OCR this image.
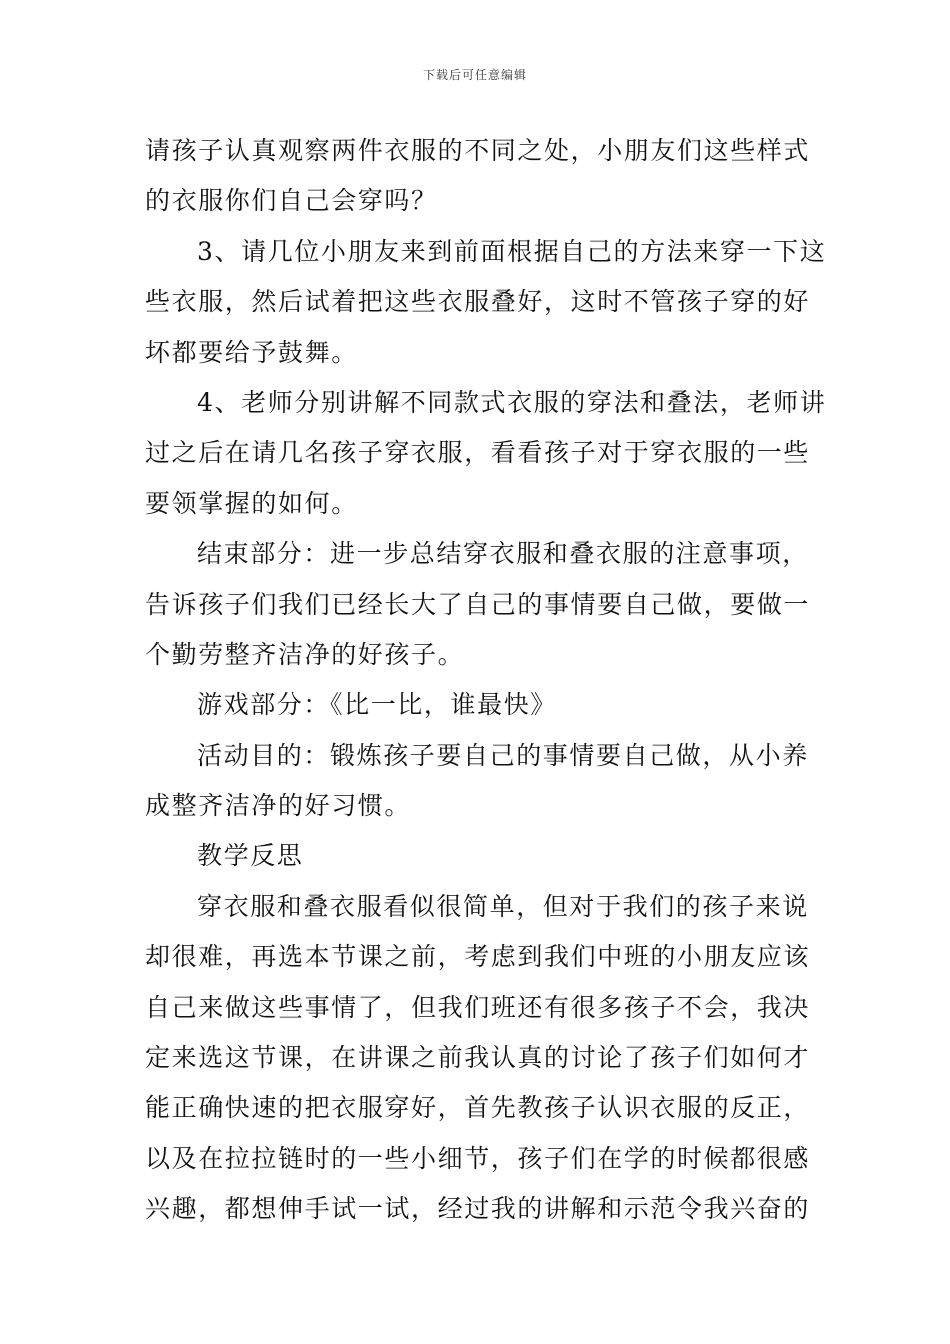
下载后可任意编辑
请孩子认真观察两件衣服的不同之处，小朋友们这些样式
的衣服你们自己会穿吗？
3、请几位小朋友来到前面根据自己的方法来穿一下这
些衣服，然后试着把这些衣服叠好，这时不管孩子穿的好
坏都要给予鼓舞。
4、老师分别讲解不同款式衣服的穿法和叠法，老师讲
过之后在请几名孩子穿衣服，看看孩子对于穿衣服的一些
要领掌握的如何。
结束部分：进一步总结穿衣服和叠衣服的注意事项，
告诉孩子们我们已经长大了自己的事情要自己做，要做一
个勤劳整齐洁净的好孩子。
游戏部分：《比一比，谁最快》
活动目的：锻炼孩子要自己的事情要自己做，从小养
成整齐洁净的好习惯。
教学反思
穿衣服和叠衣服看似很简单，但对于我们的孩子来说
却很难，再选本节课之前，考虑到我们中班的小朋友应该
自己来做这些事情了，但我们班还有很多孩子不会，我决
定来选这节课，在讲课之前我认真的讨论了孩子们如何才
能正确快速的把衣服穿好，首先教孩子认识衣服的反正，
以及在拉拉链时的一些小细节，孩子们在学的时候都很感
兴趣，都想伸手试一试，经过我的讲解和示范令我兴奋的
